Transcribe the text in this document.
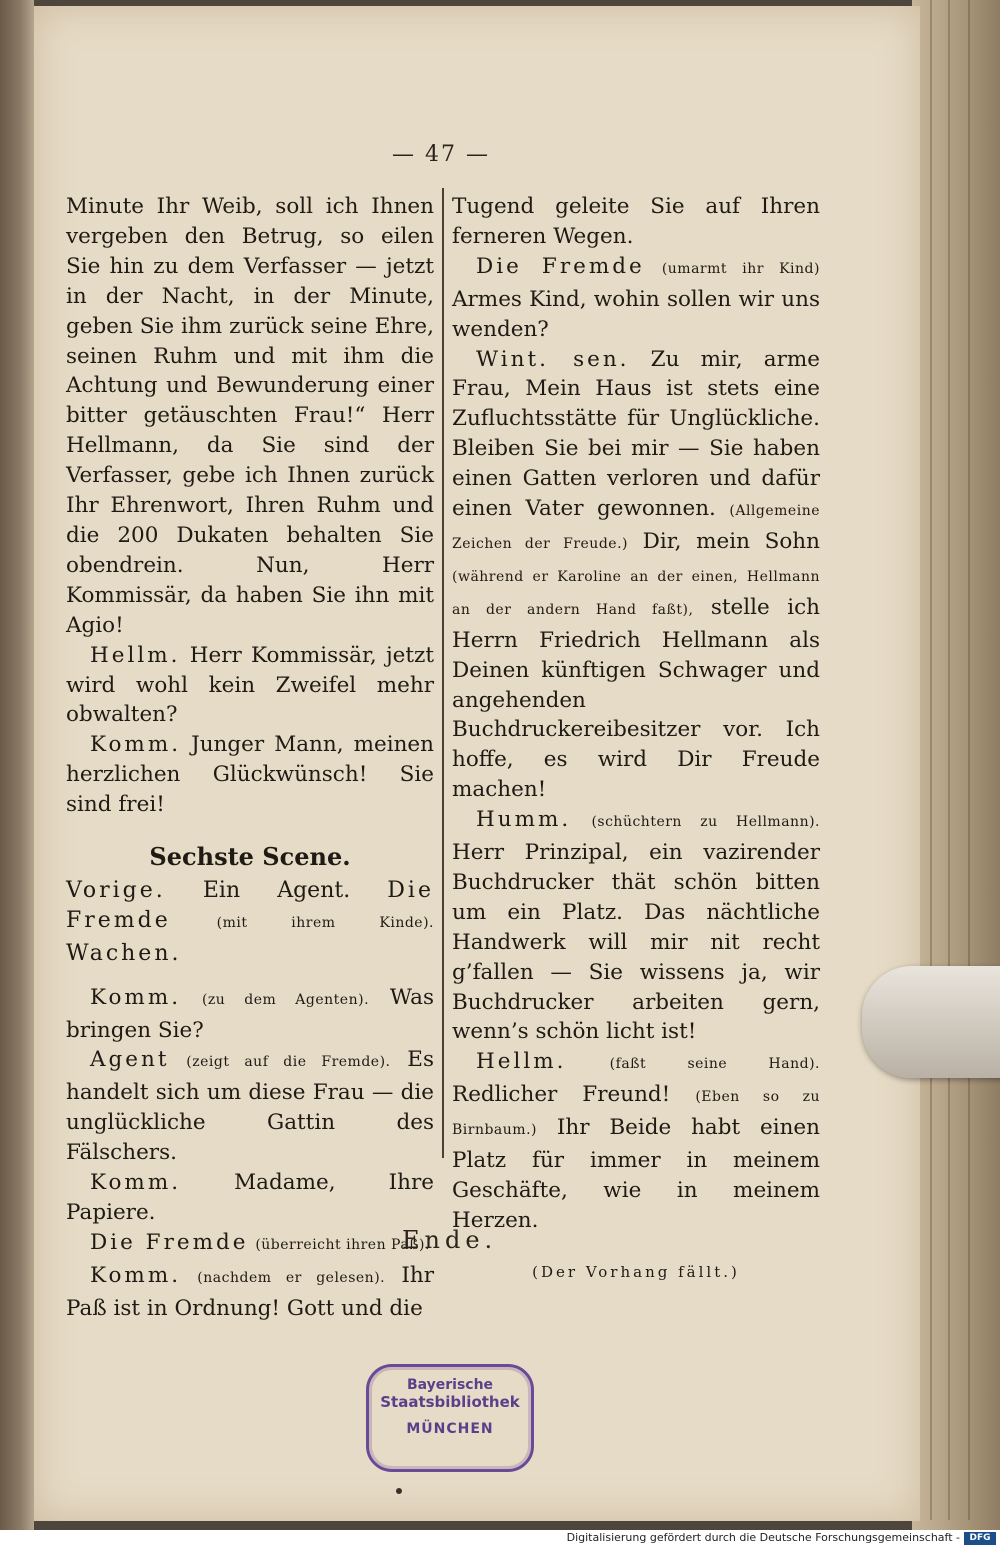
— 47 —

Minute Ihr Weib, soll ich Ihnen vergeben den Betrug, so eilen Sie hin zu dem Verfasser — jetzt in der Nacht, in der Minute, geben Sie ihm zurück seine Ehre, seinen Ruhm und mit ihm die Achtung und Bewunderung einer bitter getäuschten Frau!“ Herr Hellmann, da Sie sind der Verfasser, gebe ich Ihnen zurück Ihr Ehrenwort, Ihren Ruhm und die 200 Dukaten behalten Sie obendrein. Nun, Herr Kommissär, da haben Sie ihn mit Agio!

Hellm. Herr Kommissär, jetzt wird wohl kein Zweifel mehr obwalten?

Komm. Junger Mann, meinen herzlichen Glückwünsch! Sie sind frei!

Sechste Scene.

Vorige. Ein Agent. Die Fremde	(mit ihrem Kinde). Wachen.

Komm. (zu dem Agenten). Was bringen Sie?

Agent (zeigt auf die Fremde). Es handelt sich um diese Frau — die unglückliche Gattin des Fälschers.

Komm. Madame, Ihre Papiere.

Die Fremde (überreicht ihren Paß).

Komm. (nachdem er gelesen). Ihr Paß ist in Ordnung! Gott und die

Tugend geleite Sie auf Ihren ferneren Wegen.

Die Fremde (umarmt ihr Kind) Armes Kind, wohin sollen wir uns wenden?

Wint. sen. Zu mir, arme Frau, Mein Haus ist stets eine Zufluchtsstätte für Unglückliche. Bleiben Sie bei mir — Sie haben einen Gatten verloren und dafür einen Vater gewonnen. (Allgemeine Zeichen der Freude.) Dir, mein Sohn (während er Karoline an der einen, Hellmann an der andern Hand faßt), stelle ich Herrn Friedrich Hellmann als Deinen künftigen Schwager und angehenden Buchdruckereibesitzer vor. Ich hoffe, es wird Dir Freude machen!

Humm. (schüchtern zu Hellmann). Herr Prinzipal, ein vazirender Buchdrucker thät schön bitten um ein Platz. Das nächtliche Handwerk will mir nit recht g’fallen — Sie wissens ja, wir Buchdrucker arbeiten gern, wenn’s schön licht ist!

Hellm.	(faßt seine Hand). Redlicher Freund! (Eben so zu Birnbaum.) Ihr Beide habt einen Platz für immer in meinem Geschäfte, wie in meinem Herzen.

(Der Vorhang fällt.)

Ende.
Bayerische
Staatsbibliothek
MÜNCHEN
Digitalisierung gefördert durch die Deutsche Forschungsgemeinschaft -	DFG
